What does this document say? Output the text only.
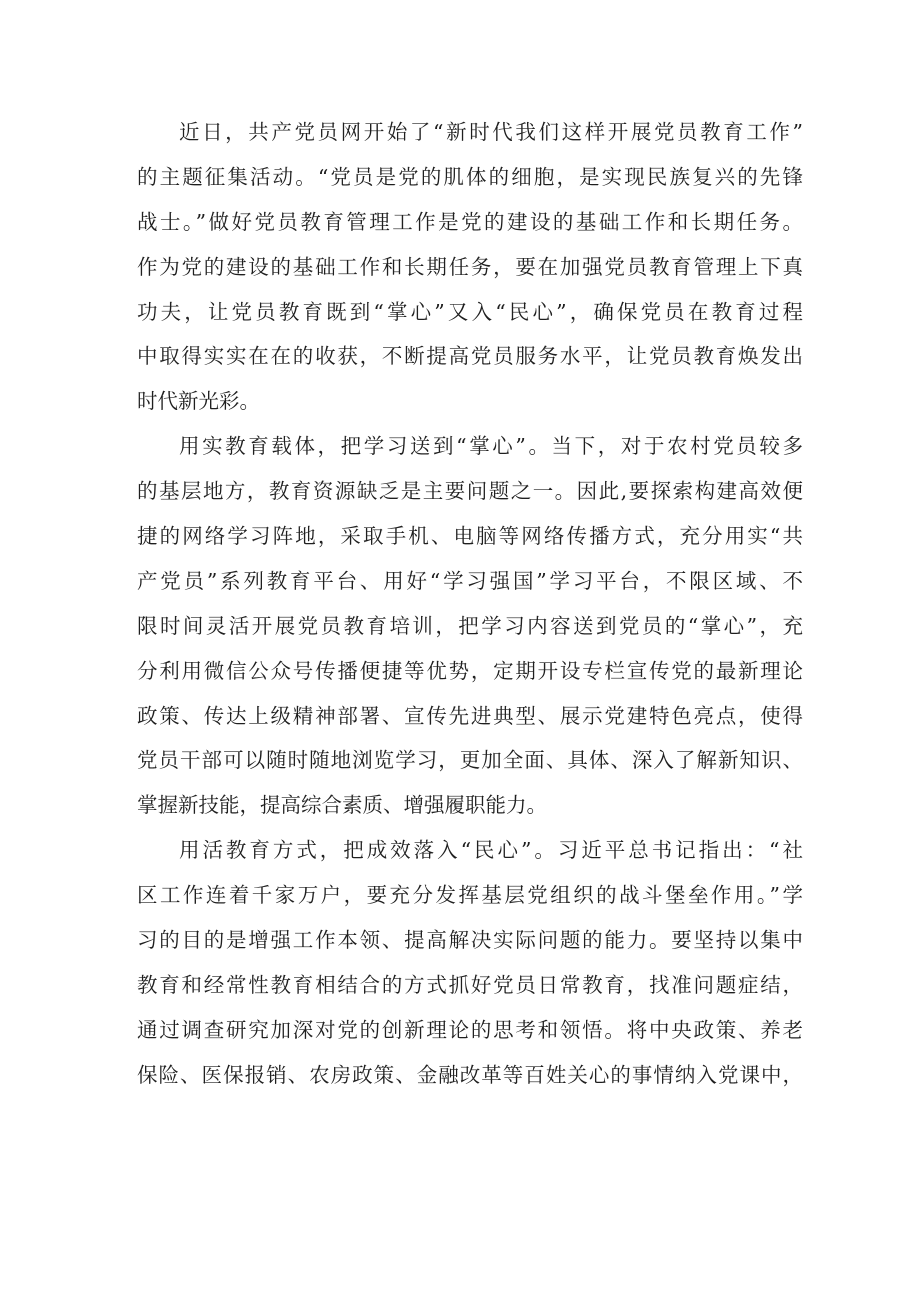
近日，共产党员网开始了“新时代我们这样开展党员教育工作”
的主题征集活动。“党员是党的肌体的细胞，是实现民族复兴的先锋
战士。”做好党员教育管理工作是党的建设的基础工作和长期任务。
作为党的建设的基础工作和长期任务，要在加强党员教育管理上下真
功夫，让党员教育既到“掌心”又入“民心”，确保党员在教育过程
中取得实实在在的收获，不断提高党员服务水平，让党员教育焕发出
时代新光彩。
用实教育载体，把学习送到“掌心”。当下，对于农村党员较多
的基层地方，教育资源缺乏是主要问题之一。因此,要探索构建高效便
捷的网络学习阵地，采取手机、电脑等网络传播方式，充分用实“共
产党员”系列教育平台、用好“学习强国”学习平台，不限区域、不
限时间灵活开展党员教育培训，把学习内容送到党员的“掌心”，充
分利用微信公众号传播便捷等优势，定期开设专栏宣传党的最新理论
政策、传达上级精神部署、宣传先进典型、展示党建特色亮点，使得
党员干部可以随时随地浏览学习，更加全面、具体、深入了解新知识、
掌握新技能，提高综合素质、增强履职能力。
用活教育方式，把成效落入“民心”。习近平总书记指出：“社
区工作连着千家万户，要充分发挥基层党组织的战斗堡垒作用。”学
习的目的是增强工作本领、提高解决实际问题的能力。要坚持以集中
教育和经常性教育相结合的方式抓好党员日常教育，找准问题症结，
通过调查研究加深对党的创新理论的思考和领悟。将中央政策、养老
保险、医保报销、农房政策、金融改革等百姓关心的事情纳入党课中，
